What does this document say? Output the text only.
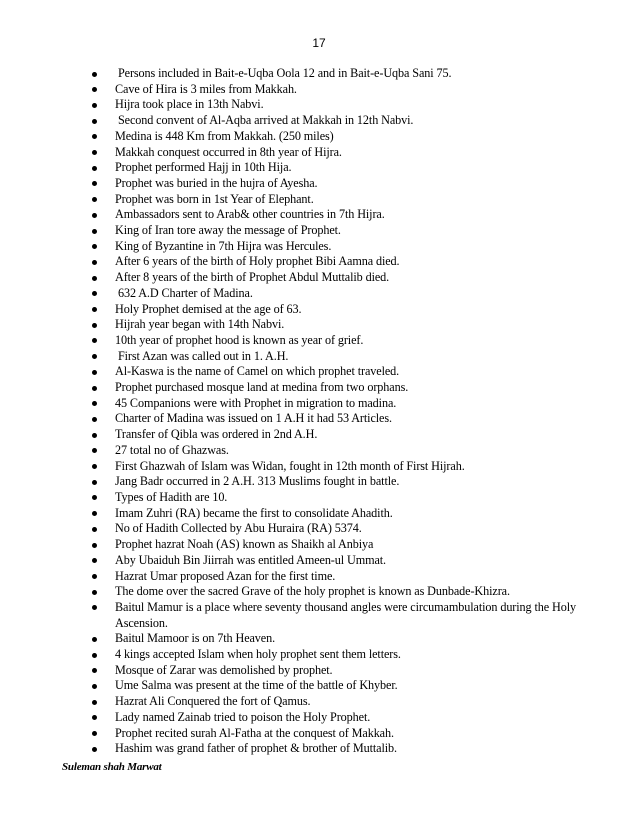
17
Persons included in Bait-e-Uqba Oola 12 and in Bait-e-Uqba Sani 75.
Cave of Hira is 3 miles from Makkah.
Hijra took place in 13th Nabvi.
Second convent of Al-Aqba arrived at Makkah in 12th Nabvi.
Medina is 448 Km from Makkah. (250 miles)
Makkah conquest occurred in 8th year of Hijra.
Prophet performed Hajj in 10th Hija.
Prophet was buried in the hujra of Ayesha.
Prophet was born in 1st Year of Elephant.
Ambassadors sent to Arab& other countries in 7th Hijra.
King of Iran tore away the message of Prophet.
King of Byzantine in 7th Hijra was Hercules.
After 6 years of the birth of Holy prophet Bibi Aamna died.
After 8 years of the birth of Prophet Abdul Muttalib died.
632 A.D Charter of Madina.
Holy Prophet demised at the age of 63.
Hijrah year began with 14th Nabvi.
10th year of prophet hood is known as year of grief.
First Azan was called out in 1. A.H.
Al-Kaswa is the name of Camel on which prophet traveled.
Prophet purchased mosque land at medina from two orphans.
45 Companions were with Prophet in migration to madina.
Charter of Madina was issued on 1 A.H it had 53 Articles.
Transfer of Qibla was ordered in 2nd A.H.
27 total no of Ghazwas.
First Ghazwah of Islam was Widan, fought in 12th month of First Hijrah.
Jang Badr occurred in 2 A.H. 313 Muslims fought in battle.
Types of Hadith are 10.
Imam Zuhri (RA) became the first to consolidate Ahadith.
No of Hadith Collected by Abu Huraira (RA) 5374.
Prophet hazrat Noah (AS) known as Shaikh al Anbiya
Aby Ubaiduh Bin Jiirrah was entitled Ameen-ul Ummat.
Hazrat Umar proposed Azan for the first time.
The dome over the sacred Grave of the holy prophet is known as Dunbade-Khizra.
Baitul Mamur is a place where seventy thousand angles were circumambulation during the Holy Ascension.
Baitul Mamoor is on 7th Heaven.
4 kings accepted Islam when holy prophet sent them letters.
Mosque of Zarar was demolished by prophet.
Ume Salma was present at the time of the battle of Khyber.
Hazrat Ali Conquered the fort of Qamus.
Lady named Zainab tried to poison the Holy Prophet.
Prophet recited surah Al-Fatha at the conquest of Makkah.
Hashim was grand father of prophet & brother of Muttalib.
Suleman shah Marwat
